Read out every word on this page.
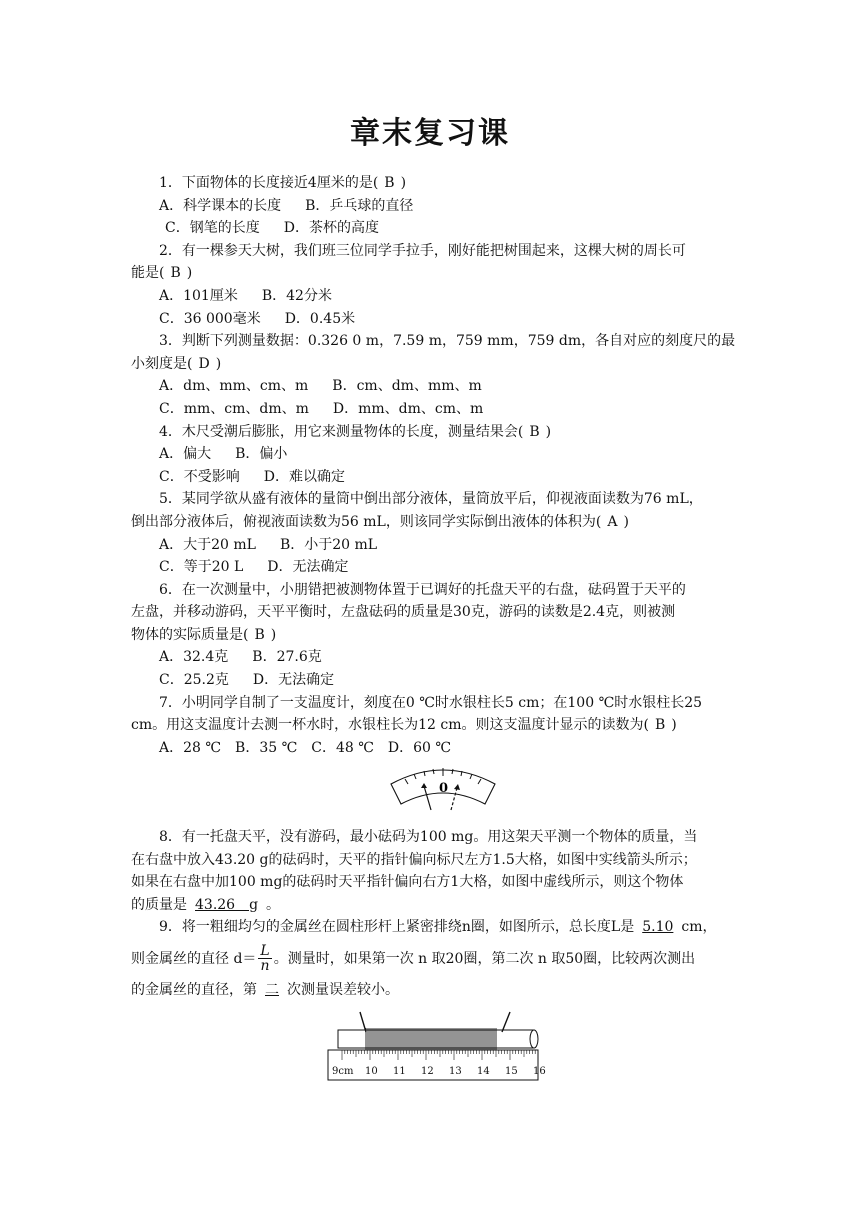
章末复习课
1．下面物体的长度接近4厘米的是( B )
A．科学课本的长度 B．乒乓球的直径
C．钢笔的长度 D．茶杯的高度
2．有一棵参天大树，我们班三位同学手拉手，刚好能把树围起来，这棵大树的周长可
能是( B )
A．101厘米 B．42分米
C．36 000毫米 D．0.45米
3．判断下列测量数据：0.326 0 m，7.59 m，759 mm，759 dm，各自对应的刻度尺的最
小刻度是( D )
A．dm、mm、cm、m B．cm、dm、mm、m
C．mm、cm、dm、m D．mm、dm、cm、m
4．木尺受潮后膨胀，用它来测量物体的长度，测量结果会( B )
A．偏大 B．偏小
C．不受影响 D．难以确定
5．某同学欲从盛有液体的量筒中倒出部分液体，量筒放平后，仰视液面读数为76 mL，
倒出部分液体后，俯视液面读数为56 mL，则该同学实际倒出液体的体积为( A )
A．大于20 mL B．小于20 mL
C．等于20 L D．无法确定
6．在一次测量中，小朋错把被测物体置于已调好的托盘天平的右盘，砝码置于天平的
左盘，并移动游码，天平平衡时，左盘砝码的质量是30克，游码的读数是2.4克，则被测
物体的实际质量是( B )
A．32.4克 B．27.6克
C．25.2克 D．无法确定
7．小明同学自制了一支温度计，刻度在0 ℃时水银柱长5 cm；在100 ℃时水银柱长25
cm。用这支温度计去测一杯水时，水银柱长为12 cm。则这支温度计显示的读数为( B )
A．28 ℃　B．35 ℃　C．48 ℃　D．60 ℃
0
8．有一托盘天平，没有游码，最小砝码为100 mg。用这架天平测一个物体的质量，当
在右盘中放入43.20 g的砝码时，天平的指针偏向标尺左方1.5大格，如图中实线箭头所示；
如果在右盘中加100 mg的砝码时天平指针偏向右方1大格，如图中虚线所示，则这个物体
的质量是 43.26　g 。
9．将一粗细均匀的金属丝在圆柱形杆上紧密排绕n圈，如图所示，总长度L是 5.10 cm，
则金属丝的直径 $d= \frac{L}{n}$ 。测量时，如果第一次 n 取20圈，第二次 n 取50圈，比较两次测出
的金属丝的直径，第 二 次测量误差较小。
9cm 10 11 12 13 14 15 16
